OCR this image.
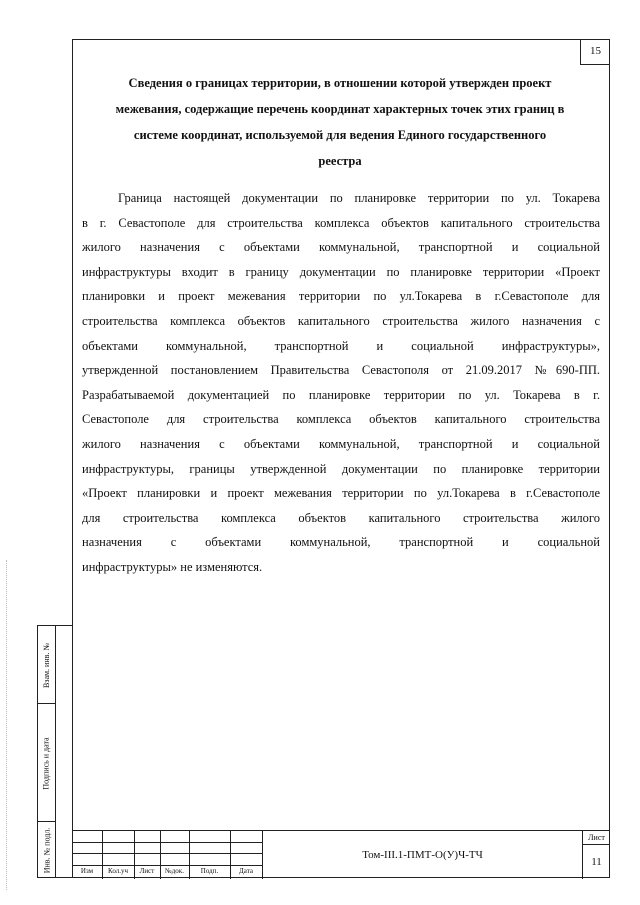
15
Сведения о границах территории, в отношении которой утвержден проект
межевания, содержащие перечень координат характерных точек этих границ в
системе координат, используемой для ведения Единого государственного
реестра
Граница настоящей документации по планировке территории по ул. Токарева
в г. Севастополе для строительства комплекса объектов капитального строительства
жилого назначения с объектами коммунальной, транспортной и социальной
инфраструктуры входит в границу документации по планировке территории «Проект
планировки и проект межевания территории по ул.Токарева в г.Севастополе для
строительства комплекса объектов капитального строительства жилого назначения с
объектами коммунальной, транспортной и социальной инфраструктуры»,
утвержденной постановлением Правительства Севастополя от 21.09.2017 №690-ПП.
Разрабатываемой документацией по планировке территории по ул. Токарева в г.
Севастополе для строительства комплекса объектов капитального строительства
жилого назначения с объектами коммунальной, транспортной и социальной
инфраструктуры, границы утвержденной документации по планировке территории
«Проект планировки и проект межевания территории по ул.Токарева в г.Севастополе
для строительства комплекса объектов капитального строительства жилого
назначения с объектами коммунальной, транспортной и социальной
инфраструктуры» не изменяются.
Взам. инв. №
Подпись и дата
Инв. № подл.	Изм	Кол.уч	Лист	№док.	Подп.	Дата
Том-III.1-ПМТ-О(У)Ч-ТЧ
Лист
11
